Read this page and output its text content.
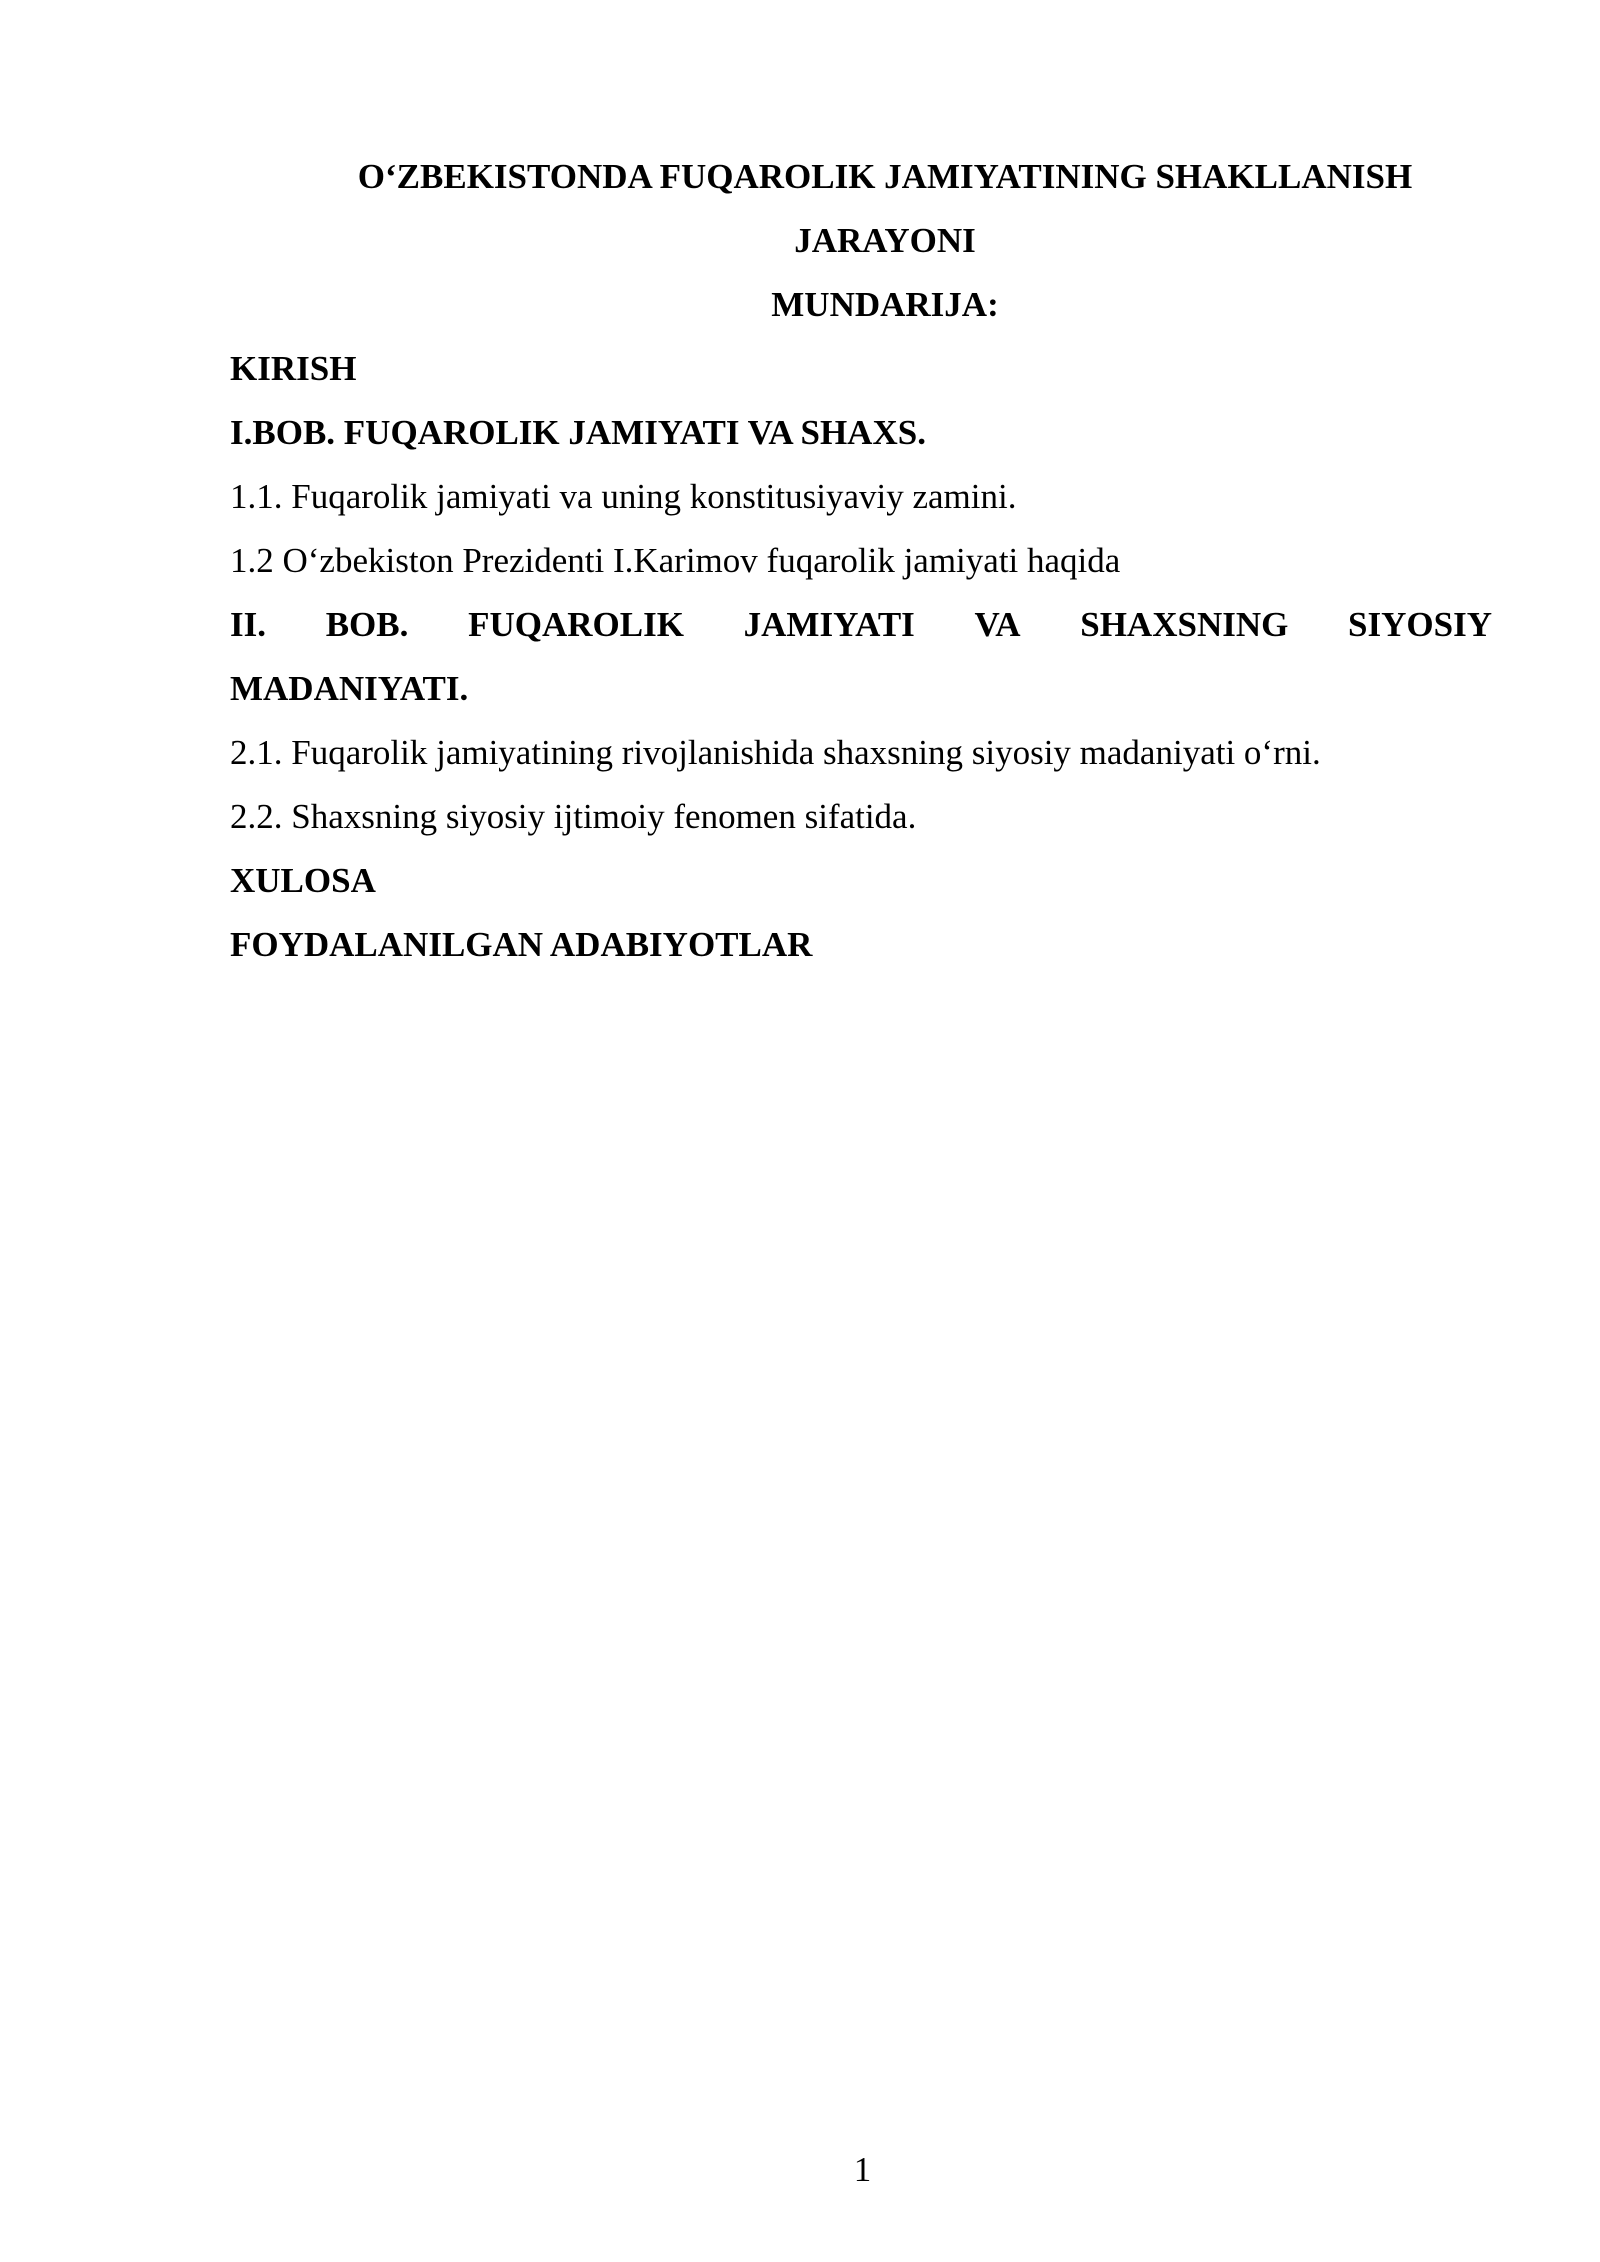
O‘ZBEKISTONDA FUQAROLIK JAMIYATINING SHAKLLANISH

JARAYONI

MUNDARIJA:

KIRISH

I.BOB. FUQAROLIK JAMIYATI VA SHAXS.

1.1. Fuqarolik jamiyati va uning konstitusiyaviy zamini.

1.2 O‘zbekiston Prezidenti I.Karimov fuqarolik jamiyati haqida

II. BOB. FUQAROLIK JAMIYATI VA SHAXSNING SIYOSIY

MADANIYATI.

2.1. Fuqarolik jamiyatining rivojlanishida shaxsning siyosiy madaniyati o‘rni.

2.2. Shaxsning siyosiy ijtimoiy fenomen sifatida.

XULOSA

FOYDALANILGAN ADABIYOTLAR

1
